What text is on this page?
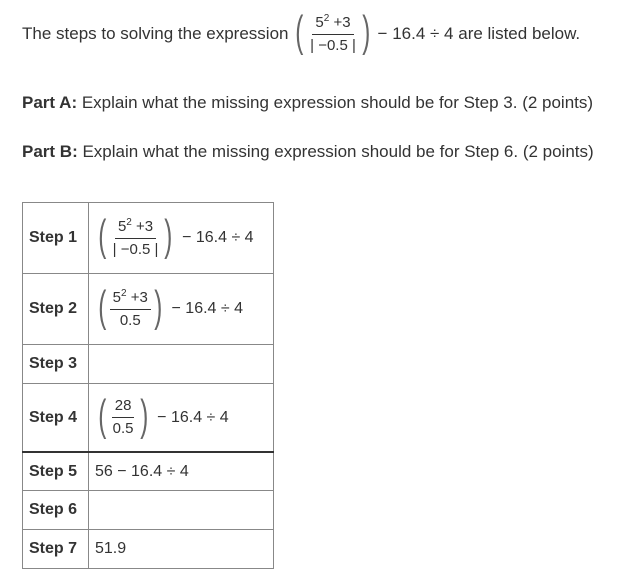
The steps to solving the expression ( $\frac{5^2 +3}{| -0.5 |}$ ) − 16.4 ÷ 4 are listed below.
Part A: Explain what the missing expression should be for Step 3. (2 points)
Part B: Explain what the missing expression should be for Step 6. (2 points)
Step 1	( $\frac{5^2 +3}{| -0.5 |}$ ) − 16.4 ÷ 4

Step 2	( $\frac{5^2 +3}{0.5}$ ) − 16.4 ÷ 4

Step 3	
Step 4	( $\frac{28}{0.5}$ ) − 16.4 ÷ 4

Step 5	56 − 16.4 ÷ 4
Step 6	
Step 7	51.9
